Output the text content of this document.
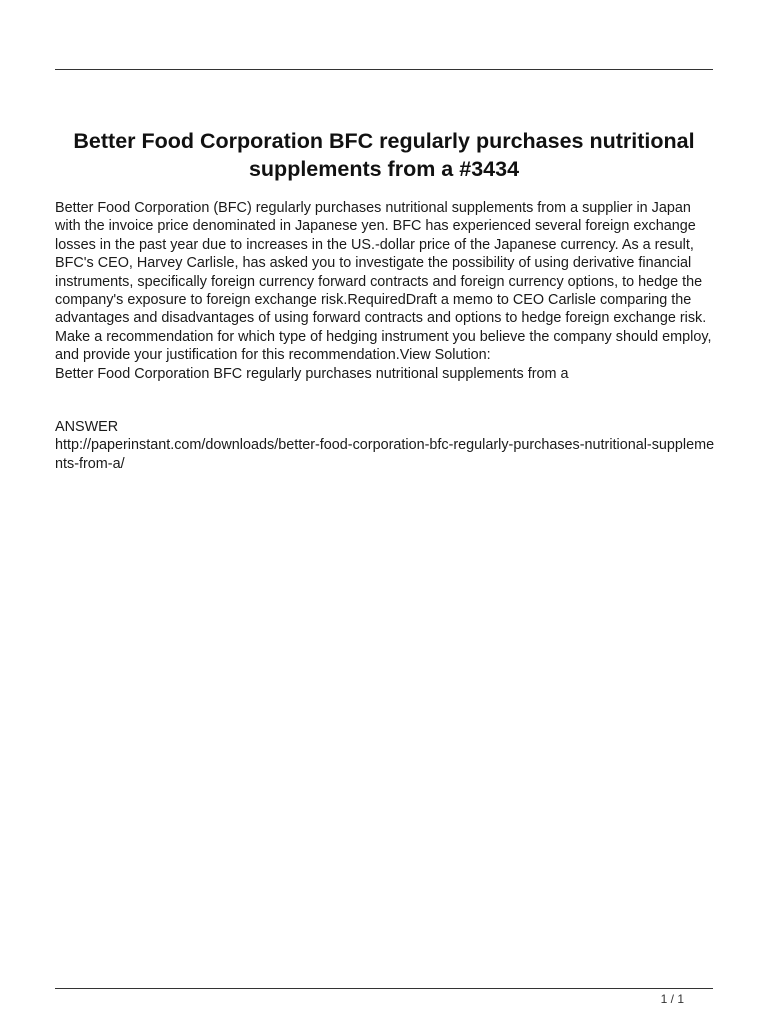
Better Food Corporation BFC regularly purchases nutritional supplements from a #3434

Better Food Corporation (BFC) regularly purchases nutritional supplements from a supplier in Japan with the invoice price denominated in Japanese yen. BFC has experienced several foreign exchange losses in the past year due to increases in the US.-dollar price of the Japanese currency. As a result, BFC's CEO, Harvey Carlisle, has asked you to investigate the possibility of using derivative financial instruments, specifically foreign currency forward contracts and foreign currency options, to hedge the company's exposure to foreign exchange risk.RequiredDraft a memo to CEO Carlisle comparing the advantages and disadvantages of using forward contracts and options to hedge foreign exchange risk. Make a recommendation for which type of hedging instrument you believe the company should employ, and provide your justification for this recommendation.View Solution:

Better Food Corporation BFC regularly purchases nutritional supplements from a

ANSWER
http://paperinstant.com/downloads/better-food-corporation-bfc-regularly-purchases-nutritional-supplements-from-a/
1 / 1
